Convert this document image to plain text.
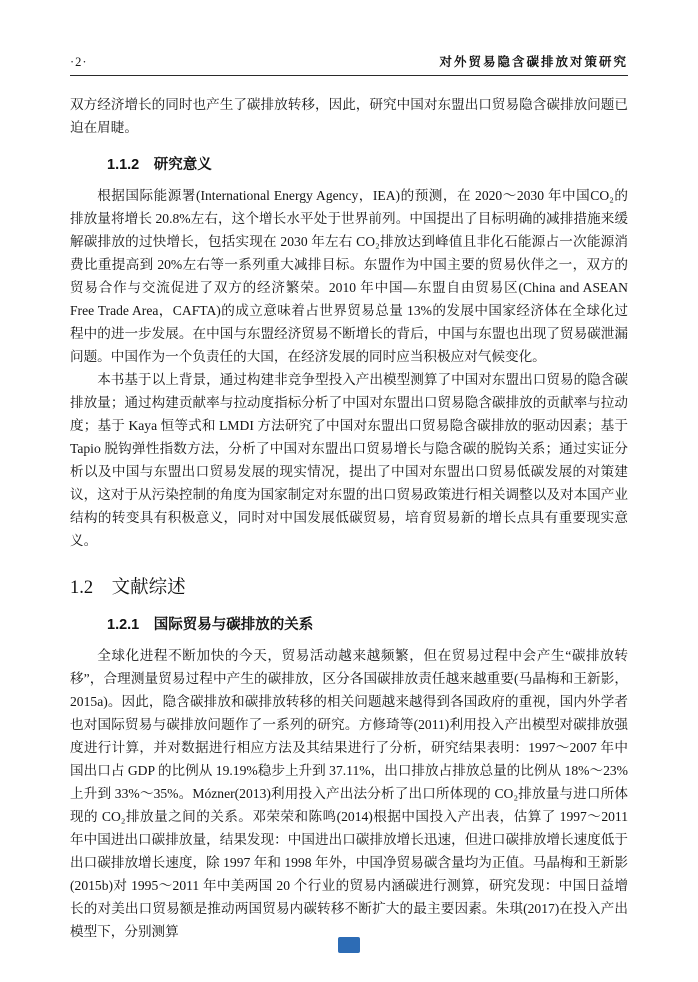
·2·	对外贸易隐含碳排放对策研究

双方经济增长的同时也产生了碳排放转移，因此，研究中国对东盟出口贸易隐含碳排放问题已迫在眉睫。

1.1.2 研究意义

根据国际能源署(International Energy Agency，IEA)的预测，在 2020～2030 年中国CO₂的排放量将增长 20.8%左右，这个增长水平处于世界前列。中国提出了目标明确的减排措施来缓解碳排放的过快增长，包括实现在 2030 年左右 CO₂排放达到峰值且非化石能源占一次能源消费比重提高到 20%左右等一系列重大减排目标。东盟作为中国主要的贸易伙伴之一，双方的贸易合作与交流促进了双方的经济繁荣。2010 年中国—东盟自由贸易区(China and ASEAN Free Trade Area，CAFTA)的成立意味着占世界贸易总量 13%的发展中国家经济体在全球化过程中的进一步发展。在中国与东盟经济贸易不断增长的背后，中国与东盟也出现了贸易碳泄漏问题。中国作为一个负责任的大国，在经济发展的同时应当积极应对气候变化。

本书基于以上背景，通过构建非竞争型投入产出模型测算了中国对东盟出口贸易的隐含碳排放量；通过构建贡献率与拉动度指标分析了中国对东盟出口贸易隐含碳排放的贡献率与拉动度；基于 Kaya 恒等式和 LMDI 方法研究了中国对东盟出口贸易隐含碳排放的驱动因素；基于 Tapio 脱钩弹性指数方法，分析了中国对东盟出口贸易增长与隐含碳的脱钩关系；通过实证分析以及中国与东盟出口贸易发展的现实情况，提出了中国对东盟出口贸易低碳发展的对策建议，这对于从污染控制的角度为国家制定对东盟的出口贸易政策进行相关调整以及对本国产业结构的转变具有积极意义，同时对中国发展低碳贸易，培育贸易新的增长点具有重要现实意义。

1.2 文献综述
1.2.1 国际贸易与碳排放的关系

全球化进程不断加快的今天，贸易活动越来越频繁，但在贸易过程中会产生“碳排放转移”，合理测量贸易过程中产生的碳排放，区分各国碳排放责任越来越重要(马晶梅和王新影，2015a)。因此，隐含碳排放和碳排放转移的相关问题越来越得到各国政府的重视，国内外学者也对国际贸易与碳排放问题作了一系列的研究。方修琦等(2011)利用投入产出模型对碳排放强度进行计算，并对数据进行相应方法及其结果进行了分析，研究结果表明：1997～2007 年中国出口占 GDP 的比例从 19.19%稳步上升到 37.11%，出口排放占排放总量的比例从 18%～23%上升到 33%～35%。Mózner(2013)利用投入产出法分析了出口所体现的 CO₂排放量与进口所体现的 CO₂排放量之间的关系。邓荣荣和陈鸣(2014)根据中国投入产出表，估算了 1997～2011 年中国进出口碳排放量，结果发现：中国进出口碳排放增长迅速，但进口碳排放增长速度低于出口碳排放增长速度，除 1997 年和 1998 年外，中国净贸易碳含量均为正值。马晶梅和王新影(2015b)对 1995～2011 年中美两国 20 个行业的贸易内涵碳进行测算，研究发现：中国日益增长的对美出口贸易额是推动两国贸易内碳转移不断扩大的最主要因素。朱琪(2017)在投入产出模型下，分别测算
